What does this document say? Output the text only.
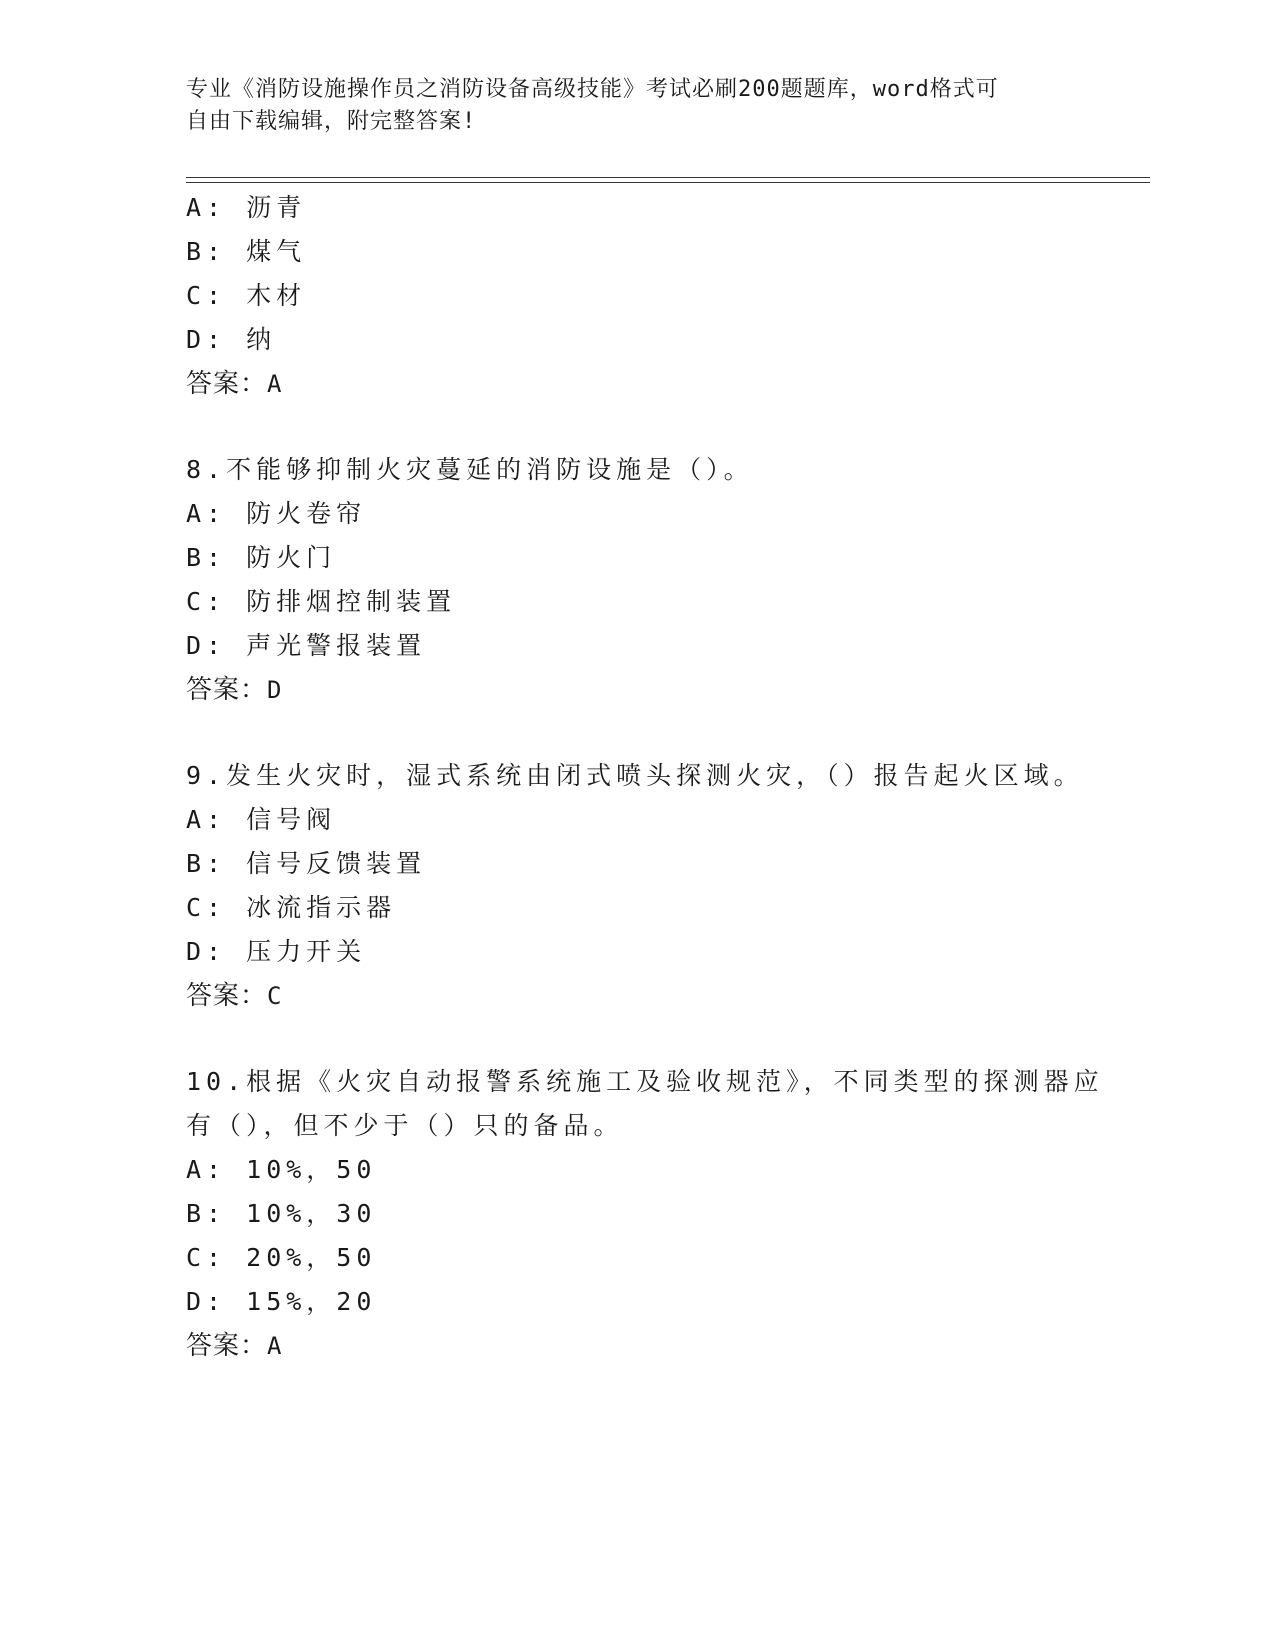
专业《消防设施操作员之消防设备高级技能》考试必刷200题题库，word格式可
自由下载编辑，附完整答案!
A: 沥青
B: 煤气
C: 木材
D: 纳
答案：A
8.不能够抑制火灾蔓延的消防设施是（）。
A: 防火卷帘
B: 防火门
C: 防排烟控制装置
D: 声光警报装置
答案：D
9.发生火灾时，湿式系统由闭式喷头探测火灾，（）报告起火区域。
A: 信号阀
B: 信号反馈装置
C: 冰流指示器
D: 压力开关
答案：C
10.根据《火灾自动报警系统施工及验收规范》，不同类型的探测器应
有（），但不少于（）只的备品。
A: 10%，50
B: 10%，30
C: 20%，50
D: 15%，20
答案：A
